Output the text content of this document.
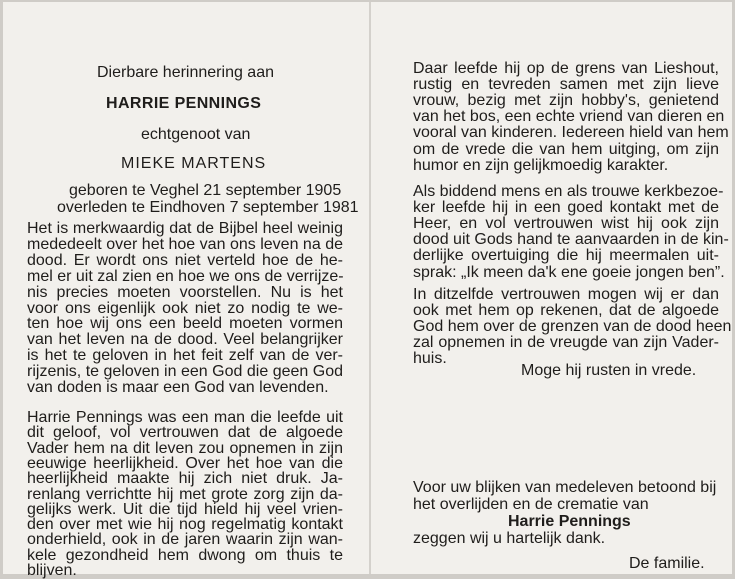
Dierbare herinnering aan
HARRIE PENNINGS
echtgenoot van
MIEKE MARTENS
geboren te Veghel 21 september 1905
overleden te Eindhoven 7 september 1981
Het is merkwaardig dat de Bijbel heel weinig
mededeelt over het hoe van ons leven na de
dood. Er wordt ons niet verteld hoe de he-
mel er uit zal zien en hoe we ons de verrijze-
nis precies moeten voorstellen. Nu is het
voor ons eigenlijk ook niet zo nodig te we-
ten hoe wij ons een beeld moeten vormen
van het leven na de dood. Veel belangrijker
is het te geloven in het feit zelf van de ver-
rijzenis, te geloven in een God die geen God
van doden is maar een God van levenden.
Harrie Pennings was een man die leefde uit
dit geloof, vol vertrouwen dat de algoede
Vader hem na dit leven zou opnemen in zijn
eeuwige heerlijkheid. Over het hoe van die
heerlijkheid maakte hij zich niet druk. Ja-
renlang verrichtte hij met grote zorg zijn da-
gelijks werk. Uit die tijd hield hij veel vrien-
den over met wie hij nog regelmatig kontakt
onderhield, ook in de jaren waarin zijn wan-
kele gezondheid hem dwong om thuis te
blijven.
Daar leefde hij op de grens van Lieshout,
rustig en tevreden samen met zijn lieve
vrouw, bezig met zijn hobby's, genietend
van het bos, een echte vriend van dieren en
vooral van kinderen. Iedereen hield van hem
om de vrede die van hem uitging, om zijn
humor en zijn gelijkmoedig karakter.
Als biddend mens en als trouwe kerkbezoe-
ker leefde hij in een goed kontakt met de
Heer, en vol vertrouwen wist hij ook zijn
dood uit Gods hand te aanvaarden in de kin-
derlijke overtuiging die hij meermalen uit-
sprak: „Ik meen da'k ene goeie jongen ben”.
In ditzelfde vertrouwen mogen wij er dan
ook met hem op rekenen, dat de algoede
God hem over de grenzen van de dood heen
zal opnemen in de vreugde van zijn Vader-
huis.
Moge hij rusten in vrede.
Voor uw blijken van medeleven betoond bij
het overlijden en de crematie van
Harrie Pennings
zeggen wij u hartelijk dank.
De familie.
